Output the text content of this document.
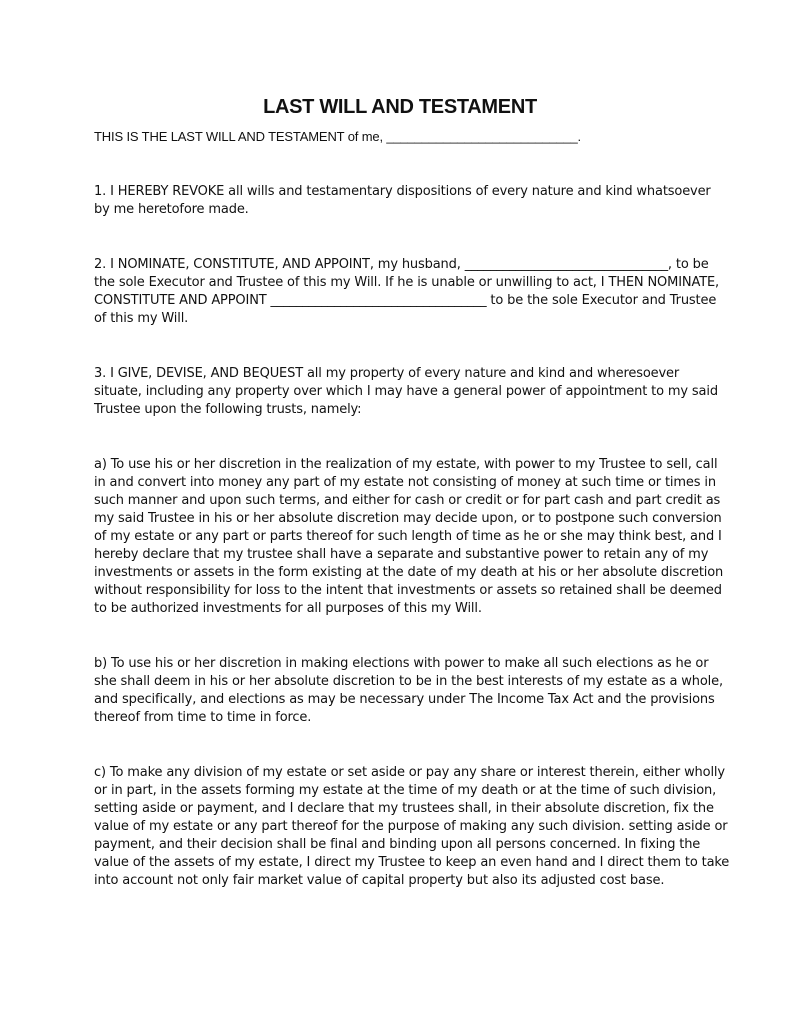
LAST WILL AND TESTAMENT

THIS IS THE LAST WILL AND TESTAMENT of me, ___________________________.

1. I HEREBY REVOKE all wills and testamentary dispositions of every nature and kind whatsoever by me heretofore made.

2. I NOMINATE, CONSTITUTE, AND APPOINT, my husband, ________________________________, to be the sole Executor and Trustee of this my Will. If he is unable or unwilling to act, I THEN NOMINATE, CONSTITUTE AND APPOINT __________________________________ to be the sole Executor and Trustee of this my Will.

3. I GIVE, DEVISE, AND BEQUEST all my property of every nature and kind and wheresoever situate, including any property over which I may have a general power of appointment to my said Trustee upon the following trusts, namely:

a) To use his or her discretion in the realization of my estate, with power to my Trustee to sell, call in and convert into money any part of my estate not consisting of money at such time or times in such manner and upon such terms, and either for cash or credit or for part cash and part credit as my said Trustee in his or her absolute discretion may decide upon, or to postpone such conversion of my estate or any part or parts thereof for such length of time as he or she may think best, and I hereby declare that my trustee shall have a separate and substantive power to retain any of my investments or assets in the form existing at the date of my death at his or her absolute discretion without responsibility for loss to the intent that investments or assets so retained shall be deemed to be authorized investments for all purposes of this my Will.

b) To use his or her discretion in making elections with power to make all such elections as he or she shall deem in his or her absolute discretion to be in the best interests of my estate as a whole, and specifically, and elections as may be necessary under The Income Tax Act and the provisions thereof from time to time in force.

c) To make any division of my estate or set aside or pay any share or interest therein, either wholly or in part, in the assets forming my estate at the time of my death or at the time of such division, setting aside or payment, and I declare that my trustees shall, in their absolute discretion, fix the value of my estate or any part thereof for the purpose of making any such division. setting aside or payment, and their decision shall be final and binding upon all persons concerned. In fixing the value of the assets of my estate, I direct my Trustee to keep an even hand and I direct them to take into account not only fair market value of capital property but also its adjusted cost base.
